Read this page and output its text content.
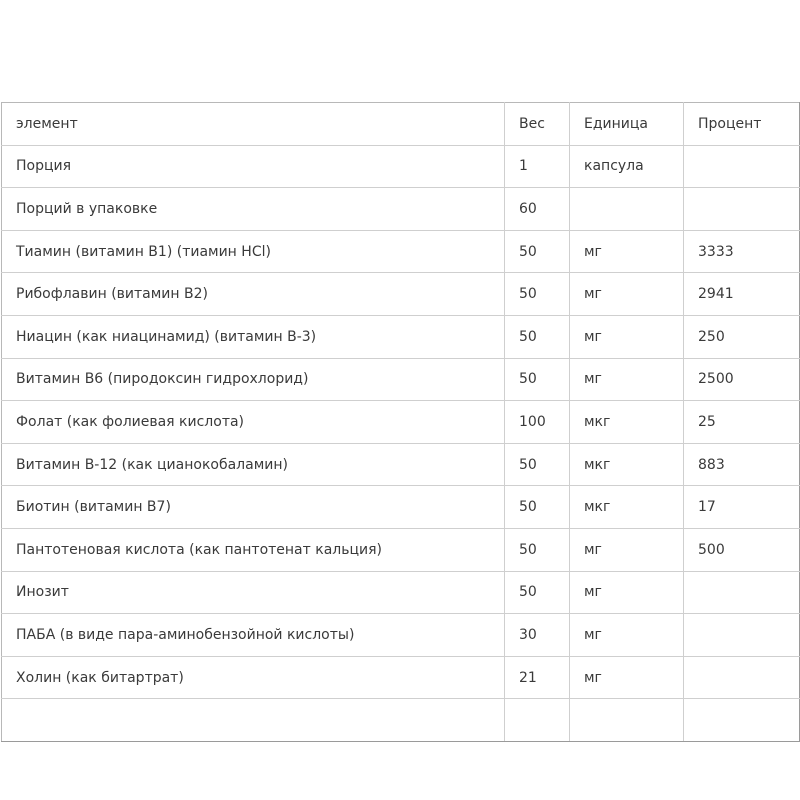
элемент	Вес	Единица	Процент
Порция	1	капсула	
Порций в упаковке	60		
Тиамин (витамин B1) (тиамин HCl)	50	мг	3333
Рибофлавин (витамин B2)	50	мг	2941
Ниацин (как ниацинамид) (витамин B-3)	50	мг	250
Витамин B6 (пиродоксин гидрохлорид)	50	мг	2500
Фолат (как фолиевая кислота)	100	мкг	25
Витамин B-12 (как цианокобаламин)	50	мкг	883
Биотин (витамин B7)	50	мкг	17
Пантотеновая кислота (как пантотенат кальция)	50	мг	500
Инозит	50	мг	
ПАБА (в виде пара-аминобензойной кислоты)	30	мг	
Холин (как битартрат)	21	мг	
